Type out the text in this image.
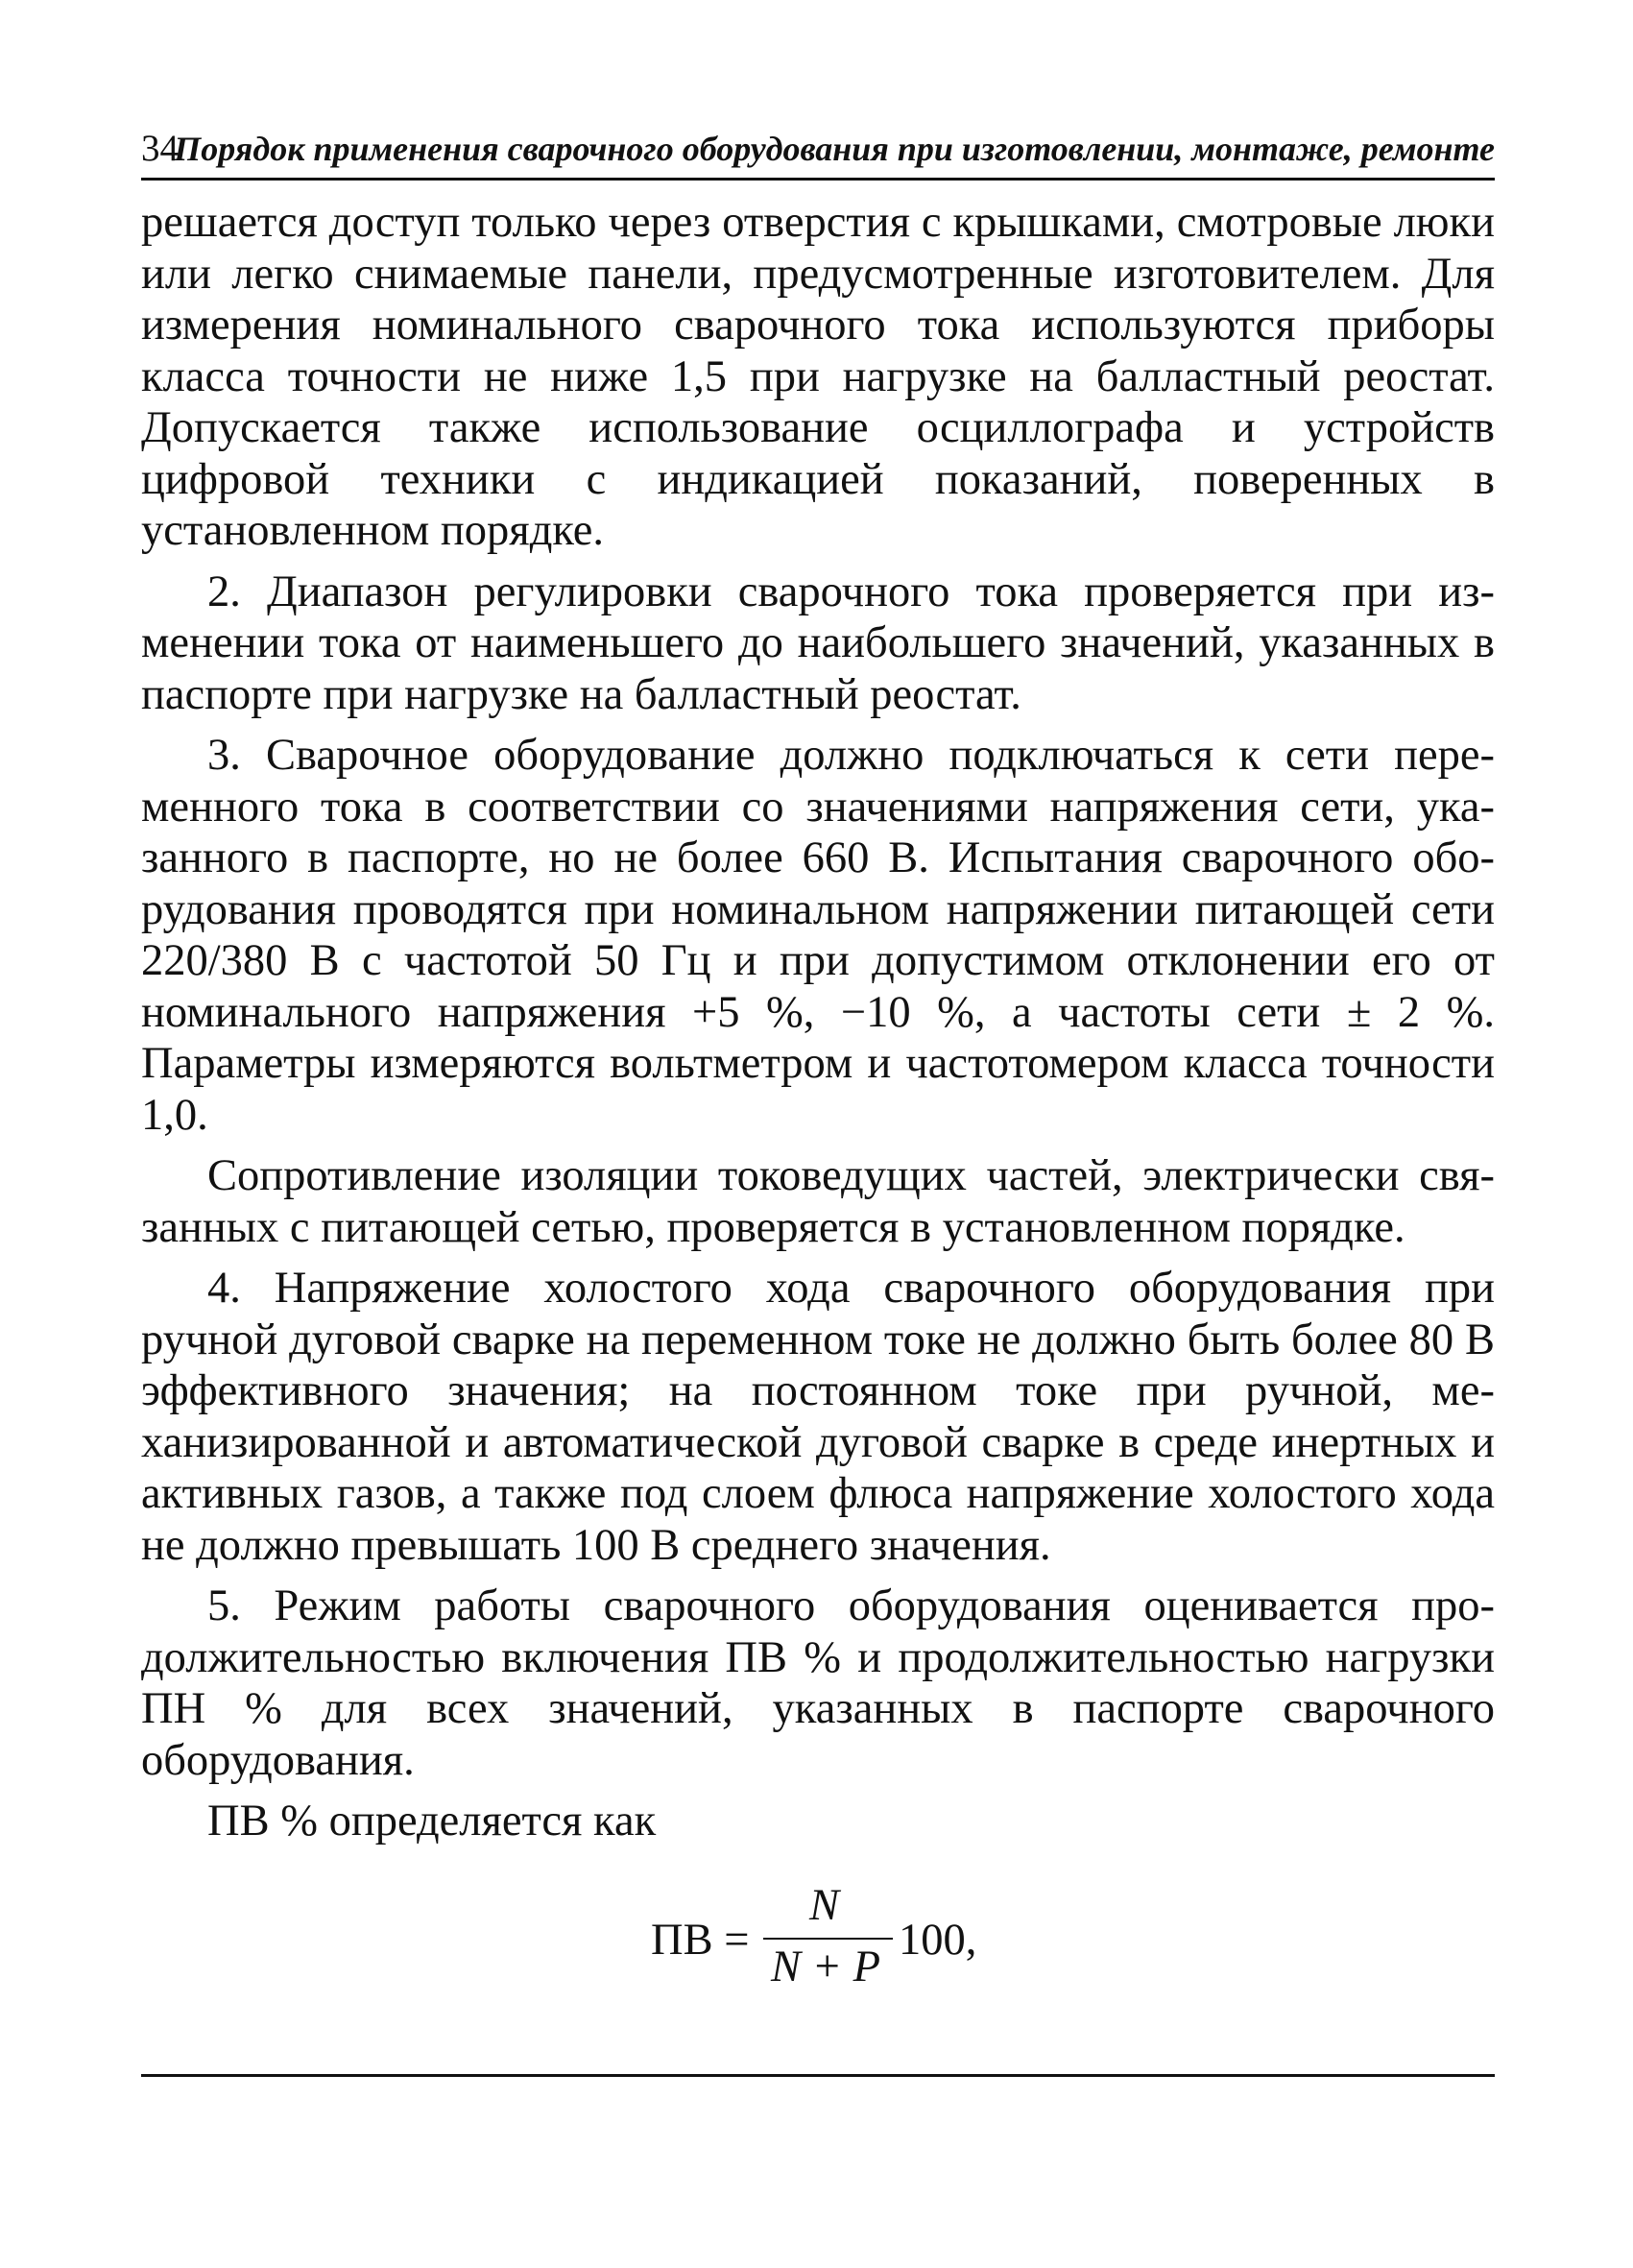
34
Порядок применения сварочного оборудования при изготовлении, монтаже, ремонте

решается доступ только через отверстия с крышками, смотровые люки или легко снимаемые панели, предусмотренные изготовителем. Для измерения номинального сварочного тока используются приборы класса точности не ниже 1,5 при нагрузке на балластный реостат. Допускается также использование осциллографа и устройств цифровой техники с индикацией показаний, поверенных в установленном порядке.

2. Диапазон регулировки сварочного тока проверяется при изменении тока от наименьшего до наибольшего значений, указанных в паспорте при нагрузке на балластный реостат.

3. Сварочное оборудование должно подключаться к сети переменного тока в соответствии со значениями напряжения сети, указанного в паспорте, но не более 660 В. Испытания сварочного оборудования проводятся при номинальном напряжении питающей сети 220/380 В с частотой 50 Гц и при допустимом отклонении его от номинального напряжения +5 %, −10 %, а частоты сети ± 2 %. Параметры измеряются вольтметром и частотомером класса точности 1,0.

Сопротивление изоляции токоведущих частей, электрически связанных с питающей сетью, проверяется в установленном порядке.

4. Напряжение холостого хода сварочного оборудования при ручной дуговой сварке на переменном токе не должно быть более 80 В эффективного значения; на постоянном токе при ручной, механизированной и автоматической дуговой сварке в среде инертных и активных газов, а также под слоем флюса напряжение холостого хода не должно превышать 100 В среднего значения.

5. Режим работы сварочного оборудования оценивается продолжительностью включения ПВ % и продолжительностью нагрузки ПН % для всех значений, указанных в паспорте сварочного оборудования.

ПВ % определяется как

ПВ =
N
N + P
100,
